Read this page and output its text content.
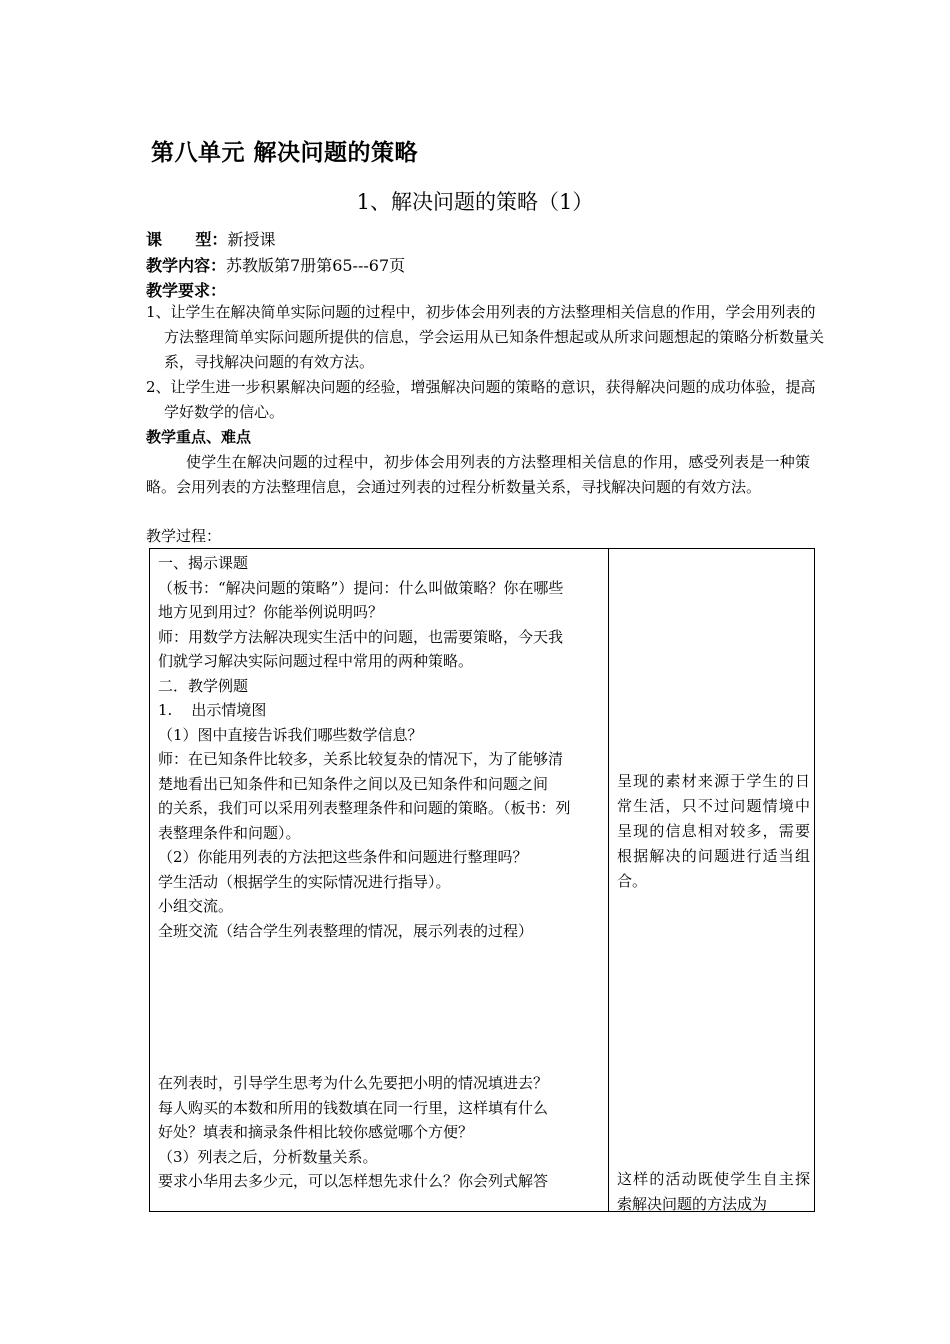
第八单元 解决问题的策略
1、解决问题的策略（1）
课      型：新授课
教学内容：苏教版第7册第65---67页
教学要求：
1、让学生在解决简单实际问题的过程中，初步体会用列表的方法整理相关信息的作用，学会用列表的方法整理简单实际问题所提供的信息，学会运用从已知条件想起或从所求问题想起的策略分析数量关系，寻找解决问题的有效方法。
2、让学生进一步积累解决问题的经验，增强解决问题的策略的意识，获得解决问题的成功体验，提高学好数学的信心。
教学重点、难点
使学生在解决问题的过程中，初步体会用列表的方法整理相关信息的作用，感受列表是一种策略。会用列表的方法整理信息，会通过列表的过程分析数量关系，寻找解决问题的有效方法。
教学过程：
一、揭示课题
（板书：“解决问题的策略”）提问：什么叫做策略？你在哪些
地方见到用过？你能举例说明吗？
师：用数学方法解决现实生活中的问题，也需要策略，今天我
们就学习解决实际问题过程中常用的两种策略。
二．教学例题
1.    出示情境图
（1）图中直接告诉我们哪些数学信息？
师：在已知条件比较多，关系比较复杂的情况下，为了能够清
楚地看出已知条件和已知条件之间以及已知条件和问题之间
的关系，我们可以采用列表整理条件和问题的策略。（板书：列
表整理条件和问题）。
（2）你能用列表的方法把这些条件和问题进行整理吗？
学生活动（根据学生的实际情况进行指导）。
小组交流。
全班交流（结合学生列表整理的情况，展示列表的过程）
在列表时，引导学生思考为什么先要把小明的情况填进去？
每人购买的本数和所用的钱数填在同一行里，这样填有什么
好处？填表和摘录条件相比较你感觉哪个方便？
（3）列表之后，分析数量关系。
要求小华用去多少元，可以怎样想先求什么？你会列式解答
呈现的素材来源于学生的日常生活，只不过问题情境中呈现的信息相对较多，需要根据解决的问题进行适当组合。
这样的活动既使学生自主探索解决问题的方法成为
